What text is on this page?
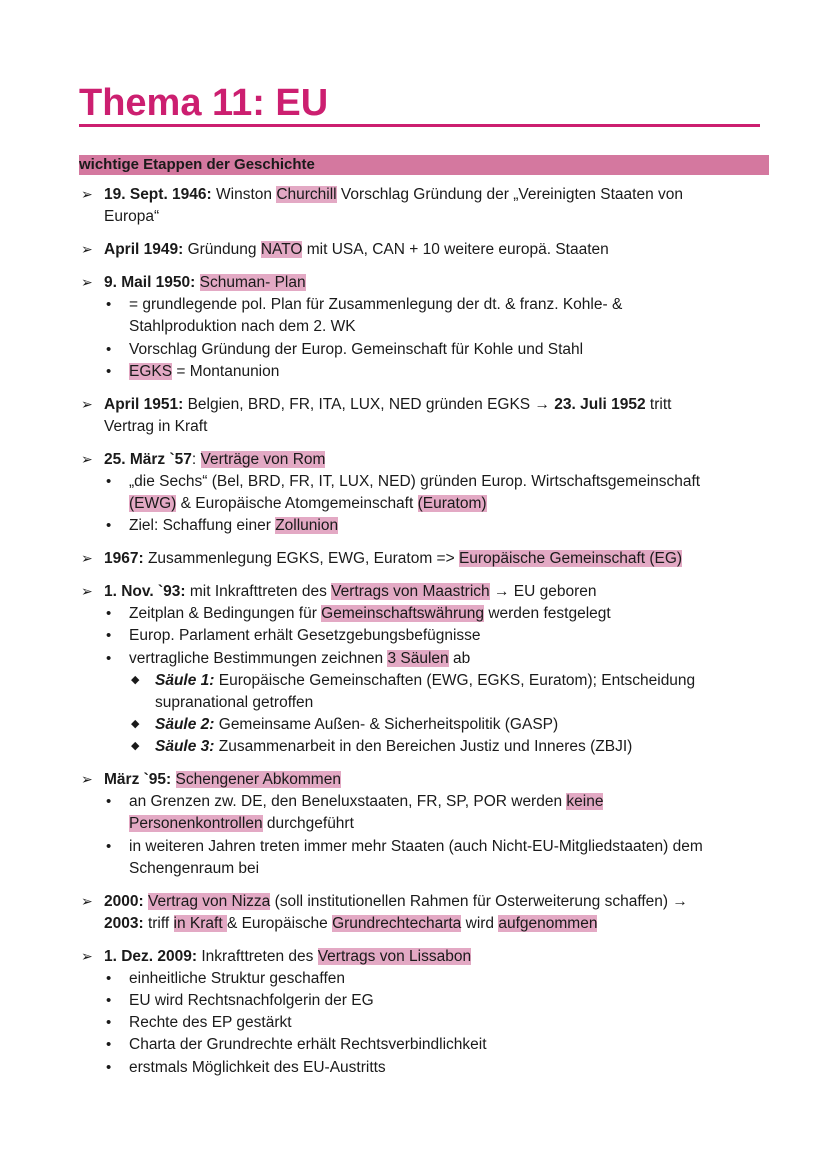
Thema 11: EU
wichtige Etappen der Geschichte
➢ 19. Sept. 1946: Winston Churchill Vorschlag Gründung der „Vereinigten Staaten von
Europa“
➢ April 1949: Gründung NATO mit USA, CAN + 10 weitere europä. Staaten
➢ 9. Mail 1950: Schuman- Plan
•	= grundlegende pol. Plan für Zusammenlegung der dt. & franz. Kohle- &
Stahlproduktion nach dem 2. WK
•	Vorschlag Gründung der Europ. Gemeinschaft für Kohle und Stahl
•	EGKS = Montanunion
➢ April 1951: Belgien, BRD, FR, ITA, LUX, NED gründen EGKS → 23. Juli 1952 tritt
Vertrag in Kraft
➢ 25. März `57: Verträge von Rom
•	„die Sechs“ (Bel, BRD, FR, IT, LUX, NED) gründen Europ. Wirtschaftsgemeinschaft
(EWG) & Europäische Atomgemeinschaft (Euratom)
•	Ziel: Schaffung einer Zollunion
➢ 1967: Zusammenlegung EGKS, EWG, Euratom => Europäische Gemeinschaft (EG)
➢ 1. Nov. `93: mit Inkrafttreten des Vertrags von Maastrich → EU geboren
•	Zeitplan & Bedingungen für Gemeinschaftswährung werden festgelegt
•	Europ. Parlament erhält Gesetzgebungsbefügnisse
•	vertragliche Bestimmungen zeichnen 3 Säulen ab
◆ Säule 1: Europäische Gemeinschaften (EWG, EGKS, Euratom); Entscheidung
supranational getroffen
◆ Säule 2: Gemeinsame Außen- & Sicherheitspolitik (GASP)
◆ Säule 3: Zusammenarbeit in den Bereichen Justiz und Inneres (ZBJI)
➢ März `95: Schengener Abkommen
•	an Grenzen zw. DE, den Beneluxstaaten, FR, SP, POR werden keine
Personenkontrollen durchgeführt
•	in weiteren Jahren treten immer mehr Staaten (auch Nicht-EU-Mitgliedstaaten) dem
Schengenraum bei
➢ 2000: Vertrag von Nizza (soll institutionellen Rahmen für Osterweiterung schaffen) →
2003: triff in Kraft & Europäische Grundrechtecharta wird aufgenommen
➢ 1. Dez. 2009: Inkrafttreten des Vertrags von Lissabon
•	einheitliche Struktur geschaffen
•	EU wird Rechtsnachfolgerin der EG
•	Rechte des EP gestärkt
•	Charta der Grundrechte erhält Rechtsverbindlichkeit
•	erstmals Möglichkeit des EU-Austritts
